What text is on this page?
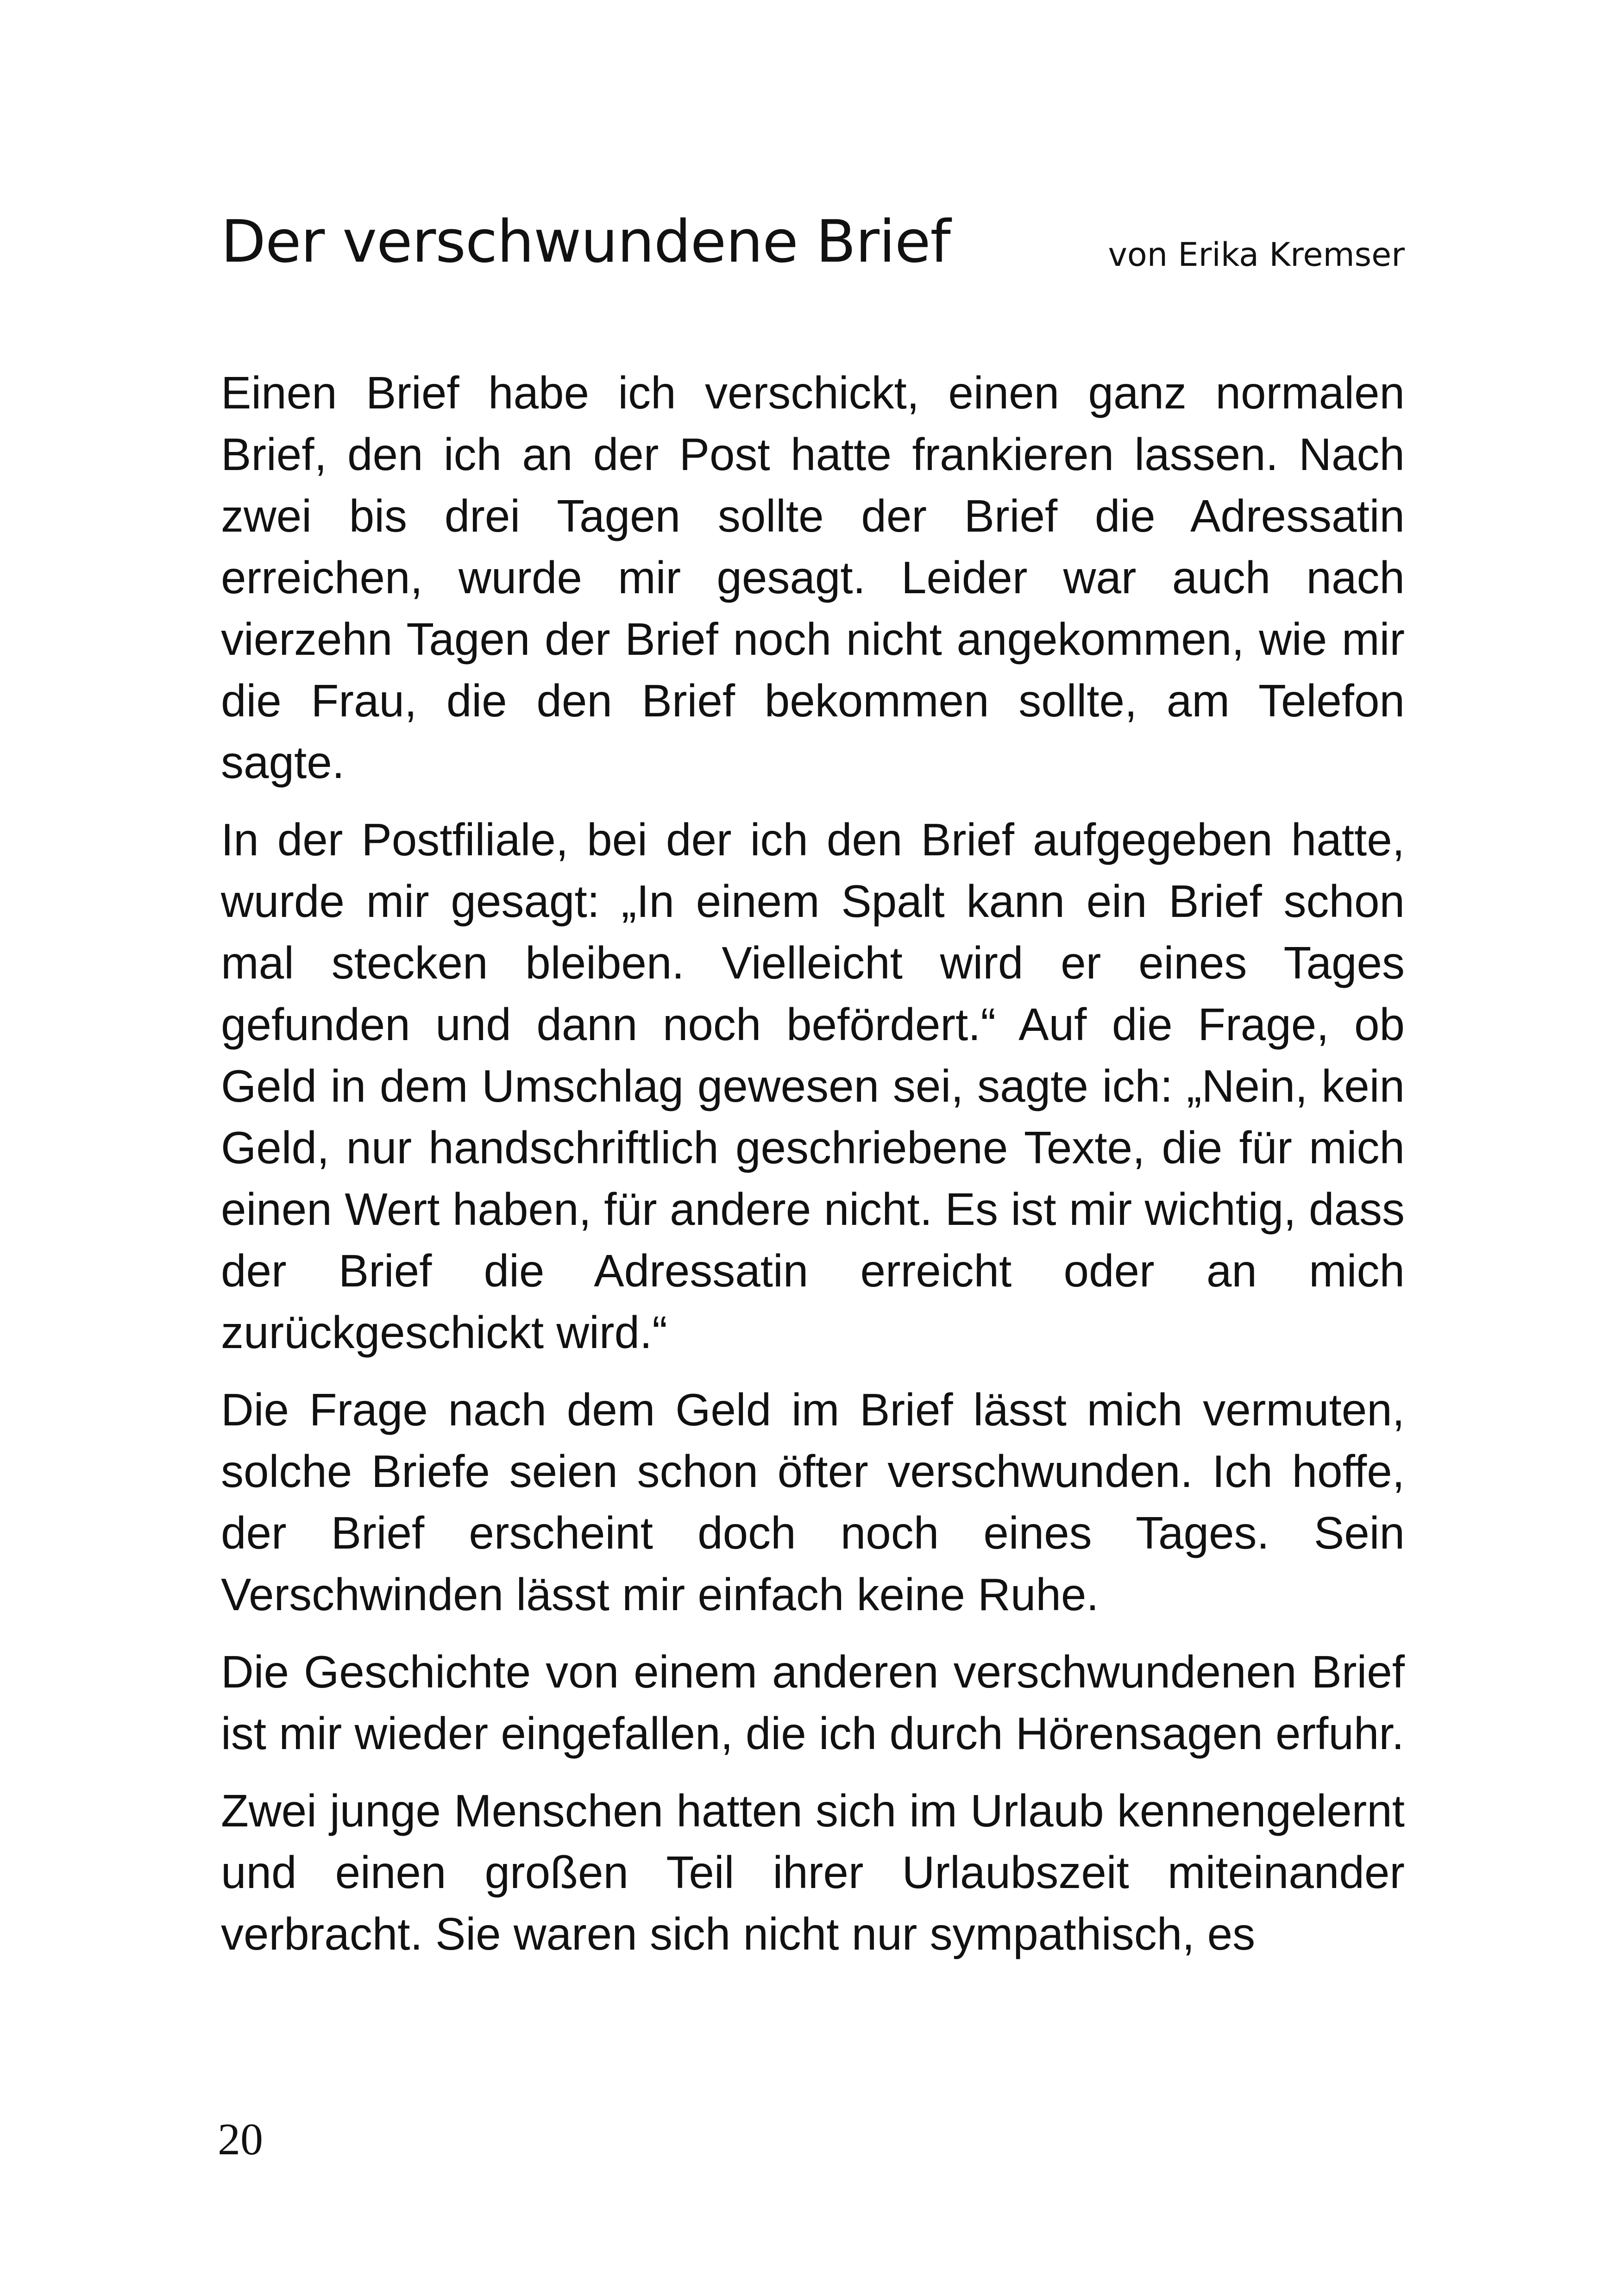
Der verschwundene Brief	von Erika Kremser

Einen Brief habe ich verschickt, einen ganz normalen Brief, den ich an der Post hatte frankieren lassen. Nach zwei bis drei Tagen sollte der Brief die Adressatin erreichen, wurde mir gesagt. Leider war auch nach vierzehn Tagen der Brief noch nicht angekommen, wie mir die Frau, die den Brief bekommen sollte, am Telefon sagte.

In der Postfiliale, bei der ich den Brief aufgegeben hatte, wurde mir gesagt: „In einem Spalt kann ein Brief schon mal stecken bleiben. Vielleicht wird er eines Tages gefunden und dann noch befördert.“ Auf die Frage, ob Geld in dem Umschlag gewesen sei, sagte ich: „Nein, kein Geld, nur handschriftlich geschriebene Texte, die für mich einen Wert haben, für andere nicht. Es ist mir wichtig, dass der Brief die Adressatin erreicht oder an mich zurückgeschickt wird.“

Die Frage nach dem Geld im Brief lässt mich vermuten, solche Briefe seien schon öfter verschwunden. Ich hoffe, der Brief erscheint doch noch eines Tages. Sein Verschwinden lässt mir einfach keine Ruhe.

Die Geschichte von einem anderen verschwundenen Brief ist mir wieder eingefallen, die ich durch Hörensagen erfuhr.

Zwei junge Menschen hatten sich im Urlaub kennengelernt und einen großen Teil ihrer Urlaubszeit miteinander verbracht. Sie waren sich nicht nur sympathisch, es

20
